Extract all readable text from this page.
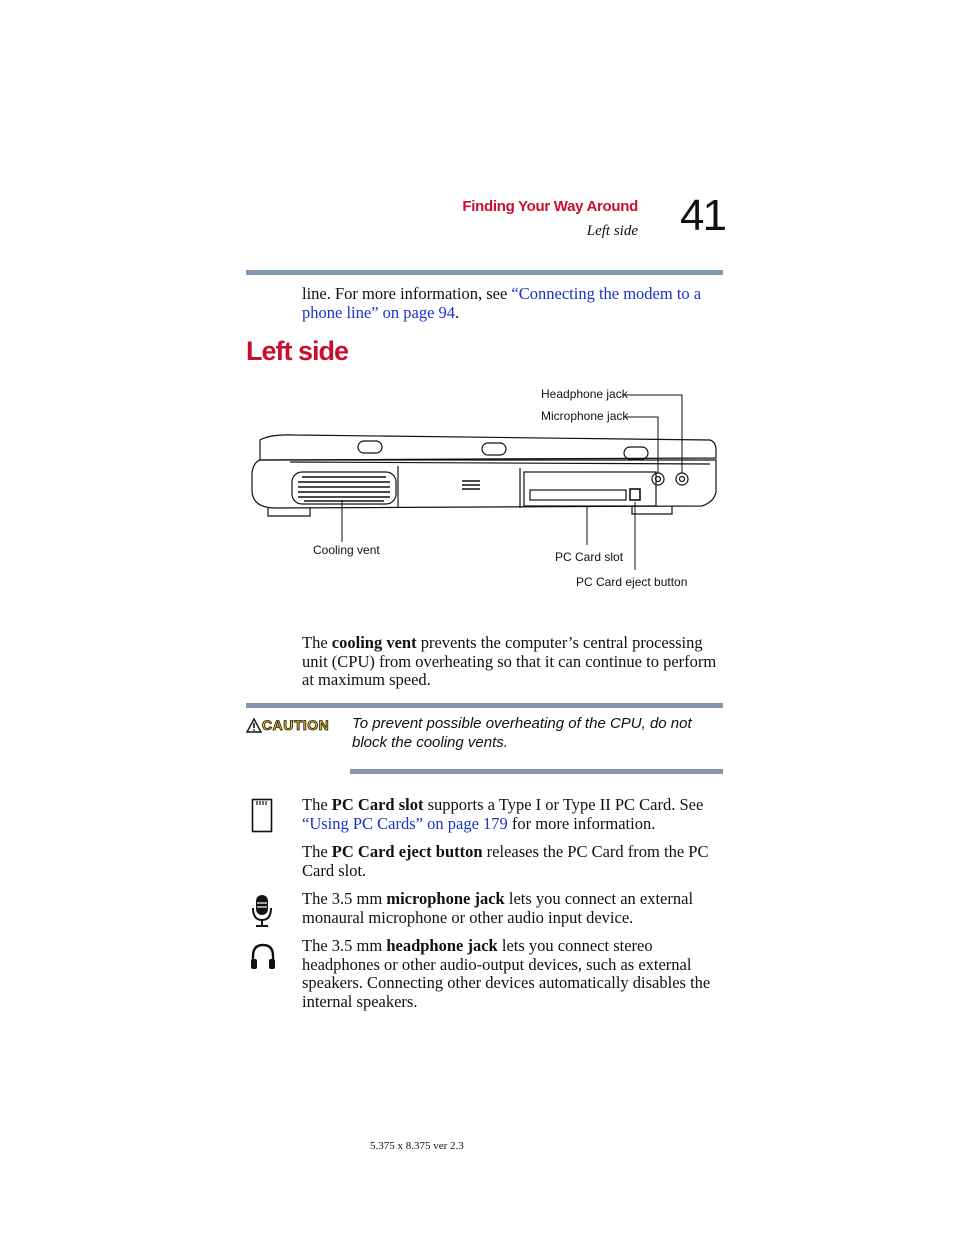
Finding Your Way Around
Left side 41
line. For more information, see “Connecting the modem to a phone line” on page 94.
Left side
Headphone jack
Microphone jack
Cooling vent	PC Card slot
PC Card eject button
The cooling vent prevents the computer’s central processing unit (CPU) from overheating so that it can continue to perform at maximum speed.
CAUTION To prevent possible overheating of the CPU, do not block the cooling vents.
The PC Card slot supports a Type I or Type II PC Card. See “Using PC Cards” on page 179 for more information.
The PC Card eject button releases the PC Card from the PC Card slot.
The 3.5 mm microphone jack lets you connect an external monaural microphone or other audio input device.
The 3.5 mm headphone jack lets you connect stereo headphones or other audio-output devices, such as external speakers. Connecting other devices automatically disables the internal speakers.
5.375 x 8.375 ver 2.3
